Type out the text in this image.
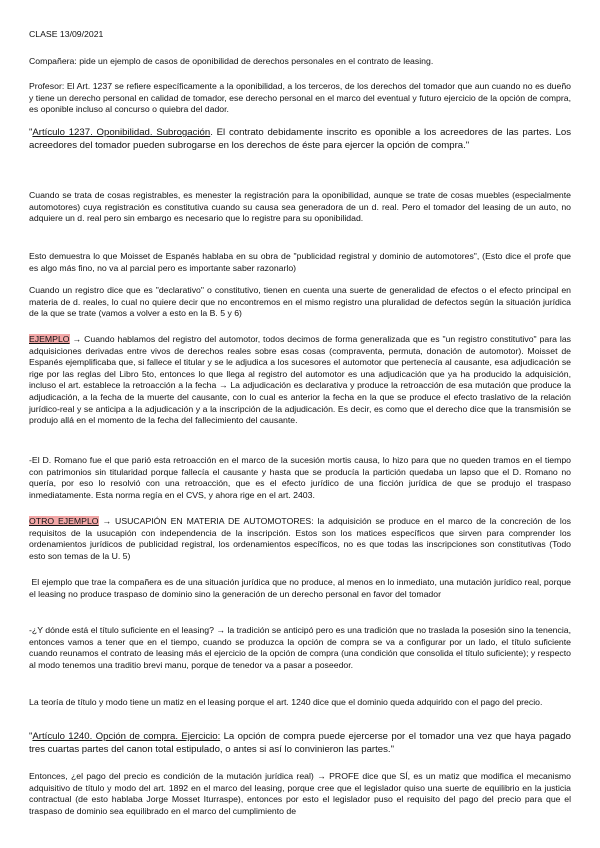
CLASE 13/09/2021

Compañera: pide un ejemplo de casos de oponibilidad de derechos personales en el contrato de leasing.

Profesor: El Art. 1237 se refiere específicamente a la oponibilidad, a los terceros, de los derechos del tomador que aun cuando no es dueño y tiene un derecho personal en calidad de tomador, ese derecho personal en el marco del eventual y futuro ejercicio de la opción de compra, es oponible incluso al concurso o quiebra del dador.

"Artículo 1237. Oponibilidad. Subrogación. El contrato debidamente inscrito es oponible a los acreedores de las partes. Los acreedores del tomador pueden subrogarse en los derechos de éste para ejercer la opción de compra."

Cuando se trata de cosas registrables, es menester la registración para la oponibilidad, aunque se trate de cosas muebles (especialmente automotores) cuya registración es constitutiva cuando su causa sea generadora de un d. real. Pero el tomador del leasing de un auto, no adquiere un d. real pero sin embargo es necesario que lo registre para su oponibilidad.

Esto demuestra lo que Moisset de Espanés hablaba en su obra de "publicidad registral y dominio de automotores", (Esto dice el profe que es algo más fino, no va al parcial pero es importante saber razonarlo)

Cuando un registro dice que es "declarativo" o constitutivo, tienen en cuenta una suerte de generalidad de efectos o el efecto principal en materia de d. reales, lo cual no quiere decir que no encontremos en el mismo registro una pluralidad de defectos según la situación jurídica de la que se trate (vamos a volver a esto en la B. 5 y 6)

EJEMPLO → Cuando hablamos del registro del automotor, todos decimos de forma generalizada que es "un registro constitutivo" para las adquisiciones derivadas entre vivos de derechos reales sobre esas cosas (compraventa, permuta, donación de automotor). Moisset de Espanés ejemplificaba que, si fallece el titular y se le adjudica a los sucesores el automotor que pertenecía al causante, esa adjudicación se rige por las reglas del Libro 5to, entonces lo que llega al registro del automotor es una adjudicación que ya ha producido la adquisición, incluso el art. establece la retroacción a la fecha → La adjudicación es declarativa y produce la retroacción de esa mutación que produce la adjudicación, a la fecha de la muerte del causante, con lo cual es anterior la fecha en la que se produce el efecto traslativo de la relación jurídico-real y se anticipa a la adjudicación y a la inscripción de la adjudicación. Es decir, es como que el derecho dice que la transmisión se produjo allá en el momento de la fecha del fallecimiento del causante.

-El D. Romano fue el que parió esta retroacción en el marco de la sucesión mortis causa, lo hizo para que no queden tramos en el tiempo con patrimonios sin titularidad porque fallecía el causante y hasta que se producía la partición quedaba un lapso que el D. Romano no quería, por eso lo resolvió con una retroacción, que es el efecto jurídico de una ficción jurídica de que se produjo el traspaso inmediatamente. Esta norma regía en el CVS, y ahora rige en el art. 2403.

OTRO EJEMPLO → USUCAPIÓN EN MATERIA DE AUTOMOTORES: la adquisición se produce en el marco de la concreción de los requisitos de la usucapión con independencia de la inscripción. Estos son los matices específicos que sirven para comprender los ordenamientos jurídicos de publicidad registral, los ordenamientos específicos, no es que todas las inscripciones son constitutivas (Todo esto son temas de la U. 5)

El ejemplo que trae la compañera es de una situación jurídica que no produce, al menos en lo inmediato, una mutación jurídico real, porque el leasing no produce traspaso de dominio sino la generación de un derecho personal en favor del tomador

-¿Y dónde está el título suficiente en el leasing? → la tradición se anticipó pero es una tradición que no traslada la posesión sino la tenencia, entonces vamos a tener que en el tiempo, cuando se produzca la opción de compra se va a configurar por un lado, el título suficiente cuando reunamos el contrato de leasing más el ejercicio de la opción de compra (una condición que consolida el título suficiente); y respecto al modo tenemos una traditio brevi manu, porque de tenedor va a pasar a poseedor.

La teoría de título y modo tiene un matiz en el leasing porque el art. 1240 dice que el dominio queda adquirido con el pago del precio.

"Artículo 1240. Opción de compra. Ejercicio: La opción de compra puede ejercerse por el tomador una vez que haya pagado tres cuartas partes del canon total estipulado, o antes si así lo convinieron las partes."

Entonces, ¿el pago del precio es condición de la mutación jurídica real) → PROFE dice que SÍ, es un matiz que modifica el mecanismo adquisitivo de título y modo del art. 1892 en el marco del leasing, porque cree que el legislador quiso una suerte de equilibrio en la justicia contractual (de esto hablaba Jorge Mosset Iturraspe), entonces por esto el legislador puso el requisito del pago del precio para que el traspaso de dominio sea equilibrado en el marco del cumplimiento de
